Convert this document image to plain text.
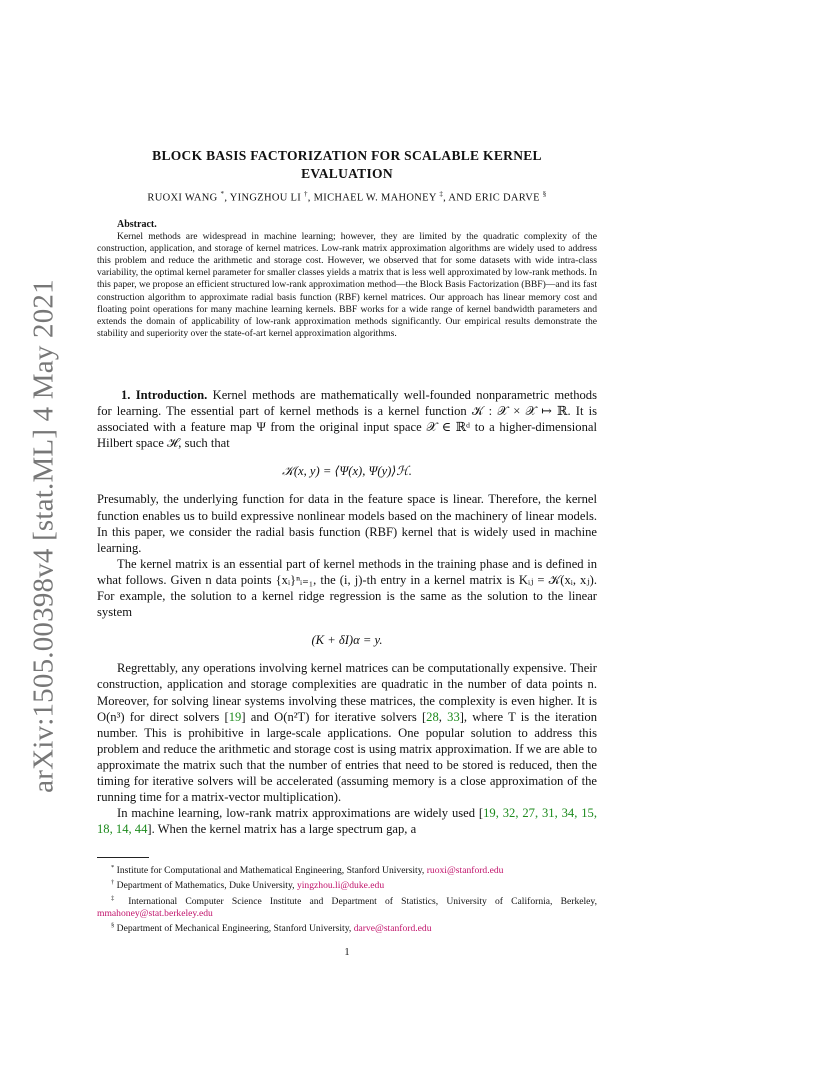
arXiv:1505.00398v4 [stat.ML] 4 May 2021
BLOCK BASIS FACTORIZATION FOR SCALABLE KERNEL
EVALUATION
RUOXI WANG *, YINGZHOU LI †, MICHAEL W. MAHONEY ‡, AND ERIC DARVE §
Abstract.
Kernel methods are widespread in machine learning; however, they are limited by the quadratic complexity of the construction, application, and storage of kernel matrices. Low-rank matrix approximation algorithms are widely used to address this problem and reduce the arithmetic and storage cost. However, we observed that for some datasets with wide intra-class variability, the optimal kernel parameter for smaller classes yields a matrix that is less well approximated by low-rank methods. In this paper, we propose an efficient structured low-rank approximation method—the Block Basis Factorization (BBF)—and its fast construction algorithm to approximate radial basis function (RBF) kernel matrices. Our approach has linear memory cost and floating point operations for many machine learning kernels. BBF works for a wide range of kernel bandwidth parameters and extends the domain of applicability of low-rank approximation methods significantly. Our empirical results demonstrate the stability and superiority over the state-of-art kernel approximation algorithms.

1. Introduction. Kernel methods are mathematically well-founded nonparametric methods for learning. The essential part of kernel methods is a kernel function 𝒦 : 𝒳 × 𝒳 ↦ ℝ. It is associated with a feature map Ψ from the original input space 𝒳 ∈ ℝᵈ to a higher-dimensional Hilbert space ℋ, such that

𝒦(x, y) = ⟨Ψ(x), Ψ(y)⟩ℋ.

Presumably, the underlying function for data in the feature space is linear. Therefore, the kernel function enables us to build expressive nonlinear models based on the machinery of linear models. In this paper, we consider the radial basis function (RBF) kernel that is widely used in machine learning.

The kernel matrix is an essential part of kernel methods in the training phase and is defined in what follows. Given n data points {xᵢ}ⁿᵢ₌₁, the (i, j)-th entry in a kernel matrix is Kᵢⱼ = 𝒦(xᵢ, xⱼ). For example, the solution to a kernel ridge regression is the same as the solution to the linear system

(K + δI)α = y.

Regrettably, any operations involving kernel matrices can be computationally expensive. Their construction, application and storage complexities are quadratic in the number of data points n. Moreover, for solving linear systems involving these matrices, the complexity is even higher. It is O(n³) for direct solvers [19] and O(n²T) for iterative solvers [28, 33], where T is the iteration number. This is prohibitive in large-scale applications. One popular solution to address this problem and reduce the arithmetic and storage cost is using matrix approximation. If we are able to approximate the matrix such that the number of entries that need to be stored is reduced, then the timing for iterative solvers will be accelerated (assuming memory is a close approximation of the running time for a matrix-vector multiplication).

In machine learning, low-rank matrix approximations are widely used [19, 32, 27, 31, 34, 15, 18, 14, 44]. When the kernel matrix has a large spectrum gap, a

* Institute for Computational and Mathematical Engineering, Stanford University, ruoxi@stanford.edu
† Department of Mathematics, Duke University, yingzhou.li@duke.edu
‡ International Computer Science Institute and Department of Statistics, University of California, Berkeley, mmahoney@stat.berkeley.edu
§ Department of Mechanical Engineering, Stanford University, darve@stanford.edu
1
